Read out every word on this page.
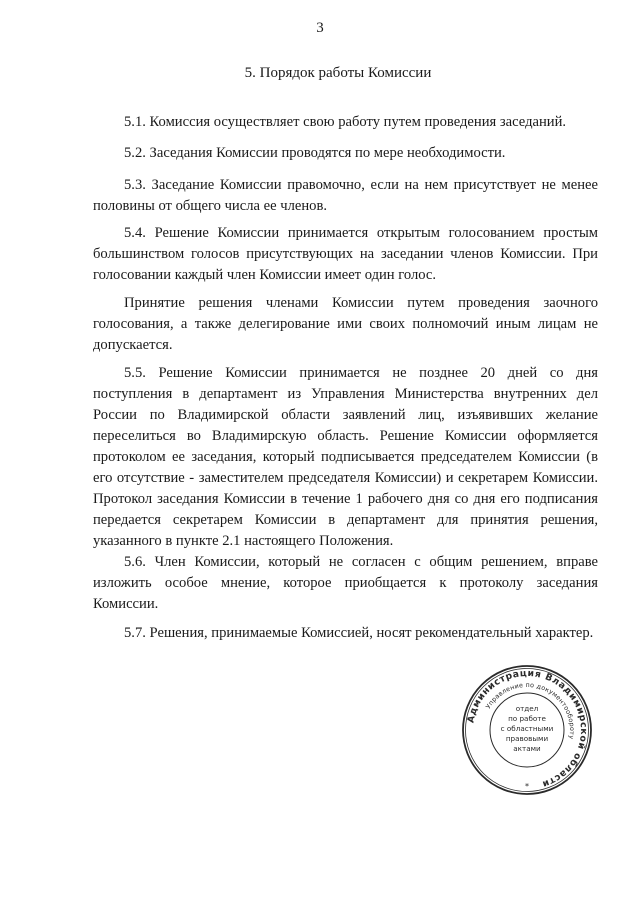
3
5. Порядок работы Комиссии

5.1. Комиссия осуществляет свою работу путем проведения заседаний.

5.2. Заседания Комиссии проводятся по мере необходимости.

5.3. Заседание Комиссии правомочно, если на нем присутствует не менее половины от общего числа ее членов.

5.4. Решение Комиссии принимается открытым голосованием простым большинством голосов присутствующих на заседании членов Комиссии. При голосовании каждый член Комиссии имеет один голос.

Принятие решения членами Комиссии путем проведения заочного голосования, а также делегирование ими своих полномочий иным лицам не допускается.

5.5. Решение Комиссии принимается не позднее 20 дней со дня поступления в департамент из Управления Министерства внутренних дел России по Владимирской области заявлений лиц, изъявивших желание переселиться во Владимирскую область. Решение Комиссии оформляется протоколом ее заседания, который подписывается председателем Комиссии (в его отсутствие - заместителем председателя Комиссии) и секретарем Комиссии. Протокол заседания Комиссии в течение 1 рабочего дня со дня его подписания передается секретарем Комиссии в департамент для принятия решения, указанного в пункте 2.1 настоящего Положения.

5.6. Член Комиссии, который не согласен с общим решением, вправе изложить особое мнение, которое приобщается к протоколу заседания Комиссии.

5.7. Решения, принимаемые Комиссией, носят рекомендательный характер.

Администрация Владимирской области
Управление по документообороту
отдел
по работе
с областными
правовыми
актами
*
